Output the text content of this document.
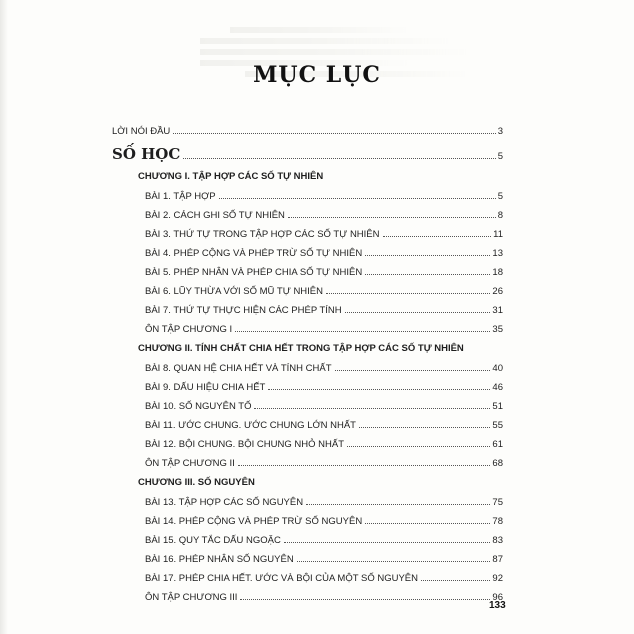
MỤC LỤC
LỜI NÓI ĐẦU	3
SỐ HỌC	5
CHƯƠNG I. TẬP HỢP CÁC SỐ TỰ NHIÊN
BÀI 1. TẬP HỢP	5
BÀI 2. CÁCH GHI SỐ TỰ NHIÊN	8
BÀI 3. THỨ TỰ TRONG TẬP HỢP CÁC SỐ TỰ NHIÊN	11
BÀI 4. PHÉP CỘNG VÀ PHÉP TRỪ SỐ TỰ NHIÊN	13
BÀI 5. PHÉP NHÂN VÀ PHÉP CHIA SỐ TỰ NHIÊN	18
BÀI 6. LŨY THỪA VỚI SỐ MŨ TỰ NHIÊN	26
BÀI 7. THỨ TỰ THỰC HIỆN CÁC PHÉP TÍNH	31
ÔN TẬP CHƯƠNG I	35
CHƯƠNG II. TÍNH CHẤT CHIA HẾT TRONG TẬP HỢP CÁC SỐ TỰ NHIÊN
BÀI 8. QUAN HỆ CHIA HẾT VÀ TÍNH CHẤT	40
BÀI 9. DẤU HIỆU CHIA HẾT	46
BÀI 10. SỐ NGUYÊN TỐ	51
BÀI 11. ƯỚC CHUNG. ƯỚC CHUNG LỚN NHẤT	55
BÀI 12. BỘI CHUNG. BỘI CHUNG NHỎ NHẤT	61
ÔN TẬP CHƯƠNG II	68
CHƯƠNG III. SỐ NGUYÊN
BÀI 13. TẬP HỢP CÁC SỐ NGUYÊN	75
BÀI 14. PHÉP CỘNG VÀ PHÉP TRỪ SỐ NGUYÊN	78
BÀI 15. QUY TẮC DẤU NGOẶC	83
BÀI 16. PHÉP NHÂN SỐ NGUYÊN	87
BÀI 17. PHÉP CHIA HẾT. ƯỚC VÀ BỘI CỦA MỘT SỐ NGUYÊN	92
ÔN TẬP CHƯƠNG III	96
133
